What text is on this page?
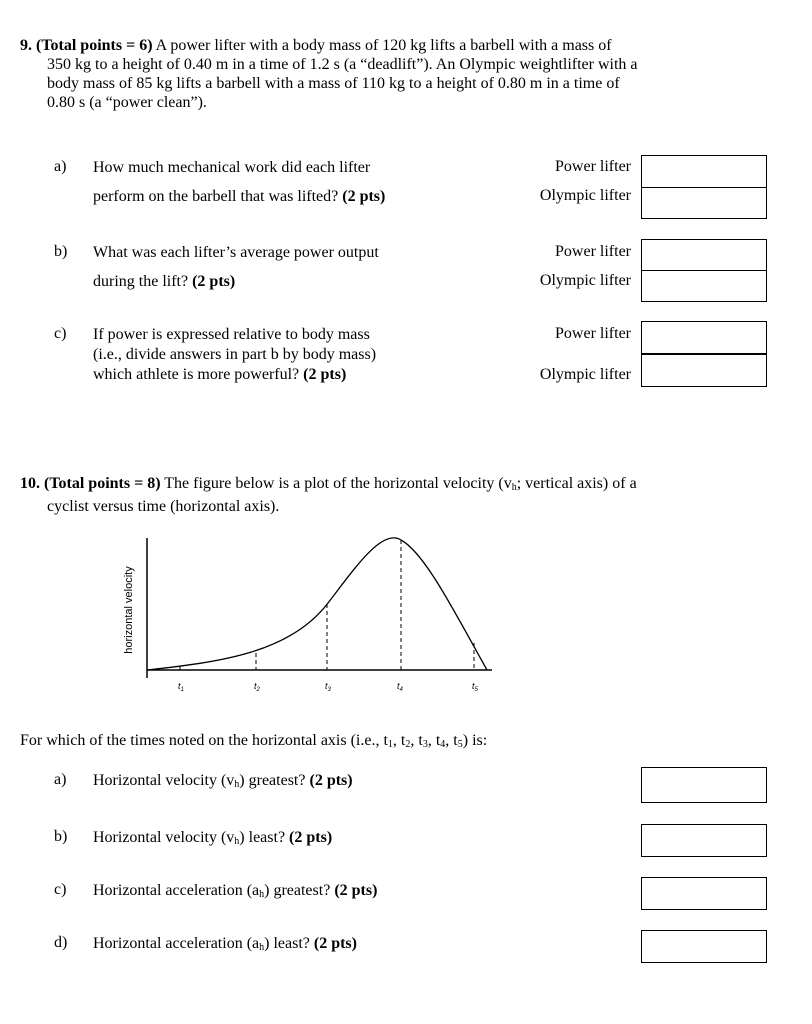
9. (Total points = 6) A power lifter with a body mass of 120 kg lifts a barbell with a mass of
350 kg to a height of 0.40 m in a time of 1.2 s (a “deadlift”). An Olympic weightlifter with a
body mass of 85 kg lifts a barbell with a mass of 110 kg to a height of 0.80 m in a time of
0.80 s (a “power clean”).
a) How much mechanical work did each lifter
perform on the barbell that was lifted? (2 pts)
Power lifter
Olympic lifter
b) What was each lifter’s average power output
during the lift? (2 pts)
Power lifter
Olympic lifter
c) If power is expressed relative to body mass
(i.e., divide answers in part b by body mass)
which athlete is more powerful? (2 pts)
Power lifter
Olympic lifter
10. (Total points = 8) The figure below is a plot of the horizontal velocity (vh; vertical axis) of a
cyclist versus time (horizontal axis).
horizontal velocity
$t_1$	$t_2$	$t_3$	$t_4$	$t_5$
For which of the times noted on the horizontal axis (i.e., t1, t2, t3, t4, t5) is:
a) Horizontal velocity (vh) greatest? (2 pts)
b) Horizontal velocity (vh) least? (2 pts)
c) Horizontal acceleration (ah) greatest? (2 pts)
d) Horizontal acceleration (ah) least? (2 pts)
